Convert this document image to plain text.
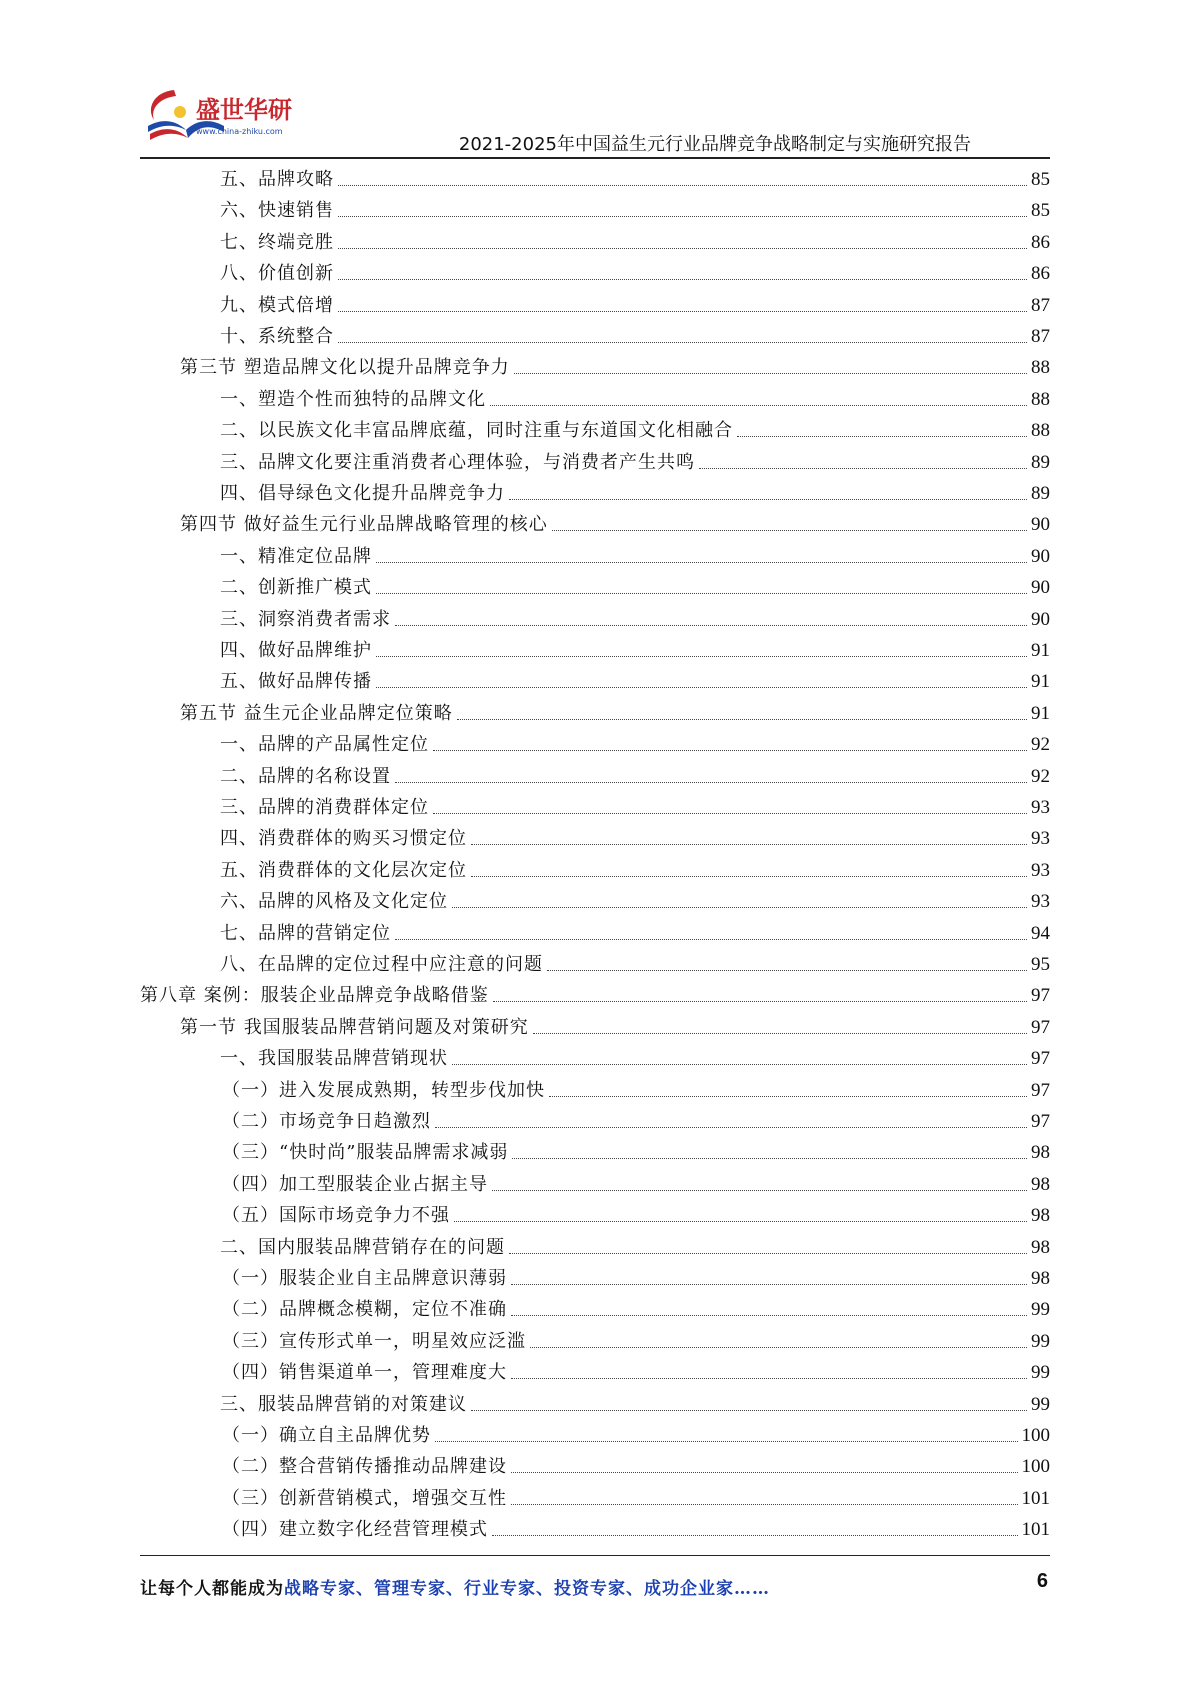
盛世华研
www.china-zhiku.com
2021-2025年中国益生元行业品牌竞争战略制定与实施研究报告
五、品牌攻略	85
六、快速销售	85
七、终端竞胜	86
八、价值创新	86
九、模式倍增	87
十、系统整合	87
第三节 塑造品牌文化以提升品牌竞争力	88
一、塑造个性而独特的品牌文化	88
二、以民族文化丰富品牌底蕴，同时注重与东道国文化相融合	88
三、品牌文化要注重消费者心理体验，与消费者产生共鸣	89
四、倡导绿色文化提升品牌竞争力	89
第四节 做好益生元行业品牌战略管理的核心	90
一、精准定位品牌	90
二、创新推广模式	90
三、洞察消费者需求	90
四、做好品牌维护	91
五、做好品牌传播	91
第五节 益生元企业品牌定位策略	91
一、品牌的产品属性定位	92
二、品牌的名称设置	92
三、品牌的消费群体定位	93
四、消费群体的购买习惯定位	93
五、消费群体的文化层次定位	93
六、品牌的风格及文化定位	93
七、品牌的营销定位	94
八、在品牌的定位过程中应注意的问题	95
第八章 案例：服装企业品牌竞争战略借鉴	97
第一节 我国服装品牌营销问题及对策研究	97
一、我国服装品牌营销现状	97
（一）进入发展成熟期，转型步伐加快	97
（二）市场竞争日趋激烈	97
（三）“快时尚”服装品牌需求减弱	98
（四）加工型服装企业占据主导	98
（五）国际市场竞争力不强	98
二、国内服装品牌营销存在的问题	98
（一）服装企业自主品牌意识薄弱	98
（二）品牌概念模糊，定位不准确	99
（三）宣传形式单一，明星效应泛滥	99
（四）销售渠道单一，管理难度大	99
三、服装品牌营销的对策建议	99
（一）确立自主品牌优势	100
（二）整合营销传播推动品牌建设	100
（三）创新营销模式，增强交互性	101
（四）建立数字化经营管理模式	101
让每个人都能成为战略专家、管理专家、行业专家、投资专家、成功企业家……	6
